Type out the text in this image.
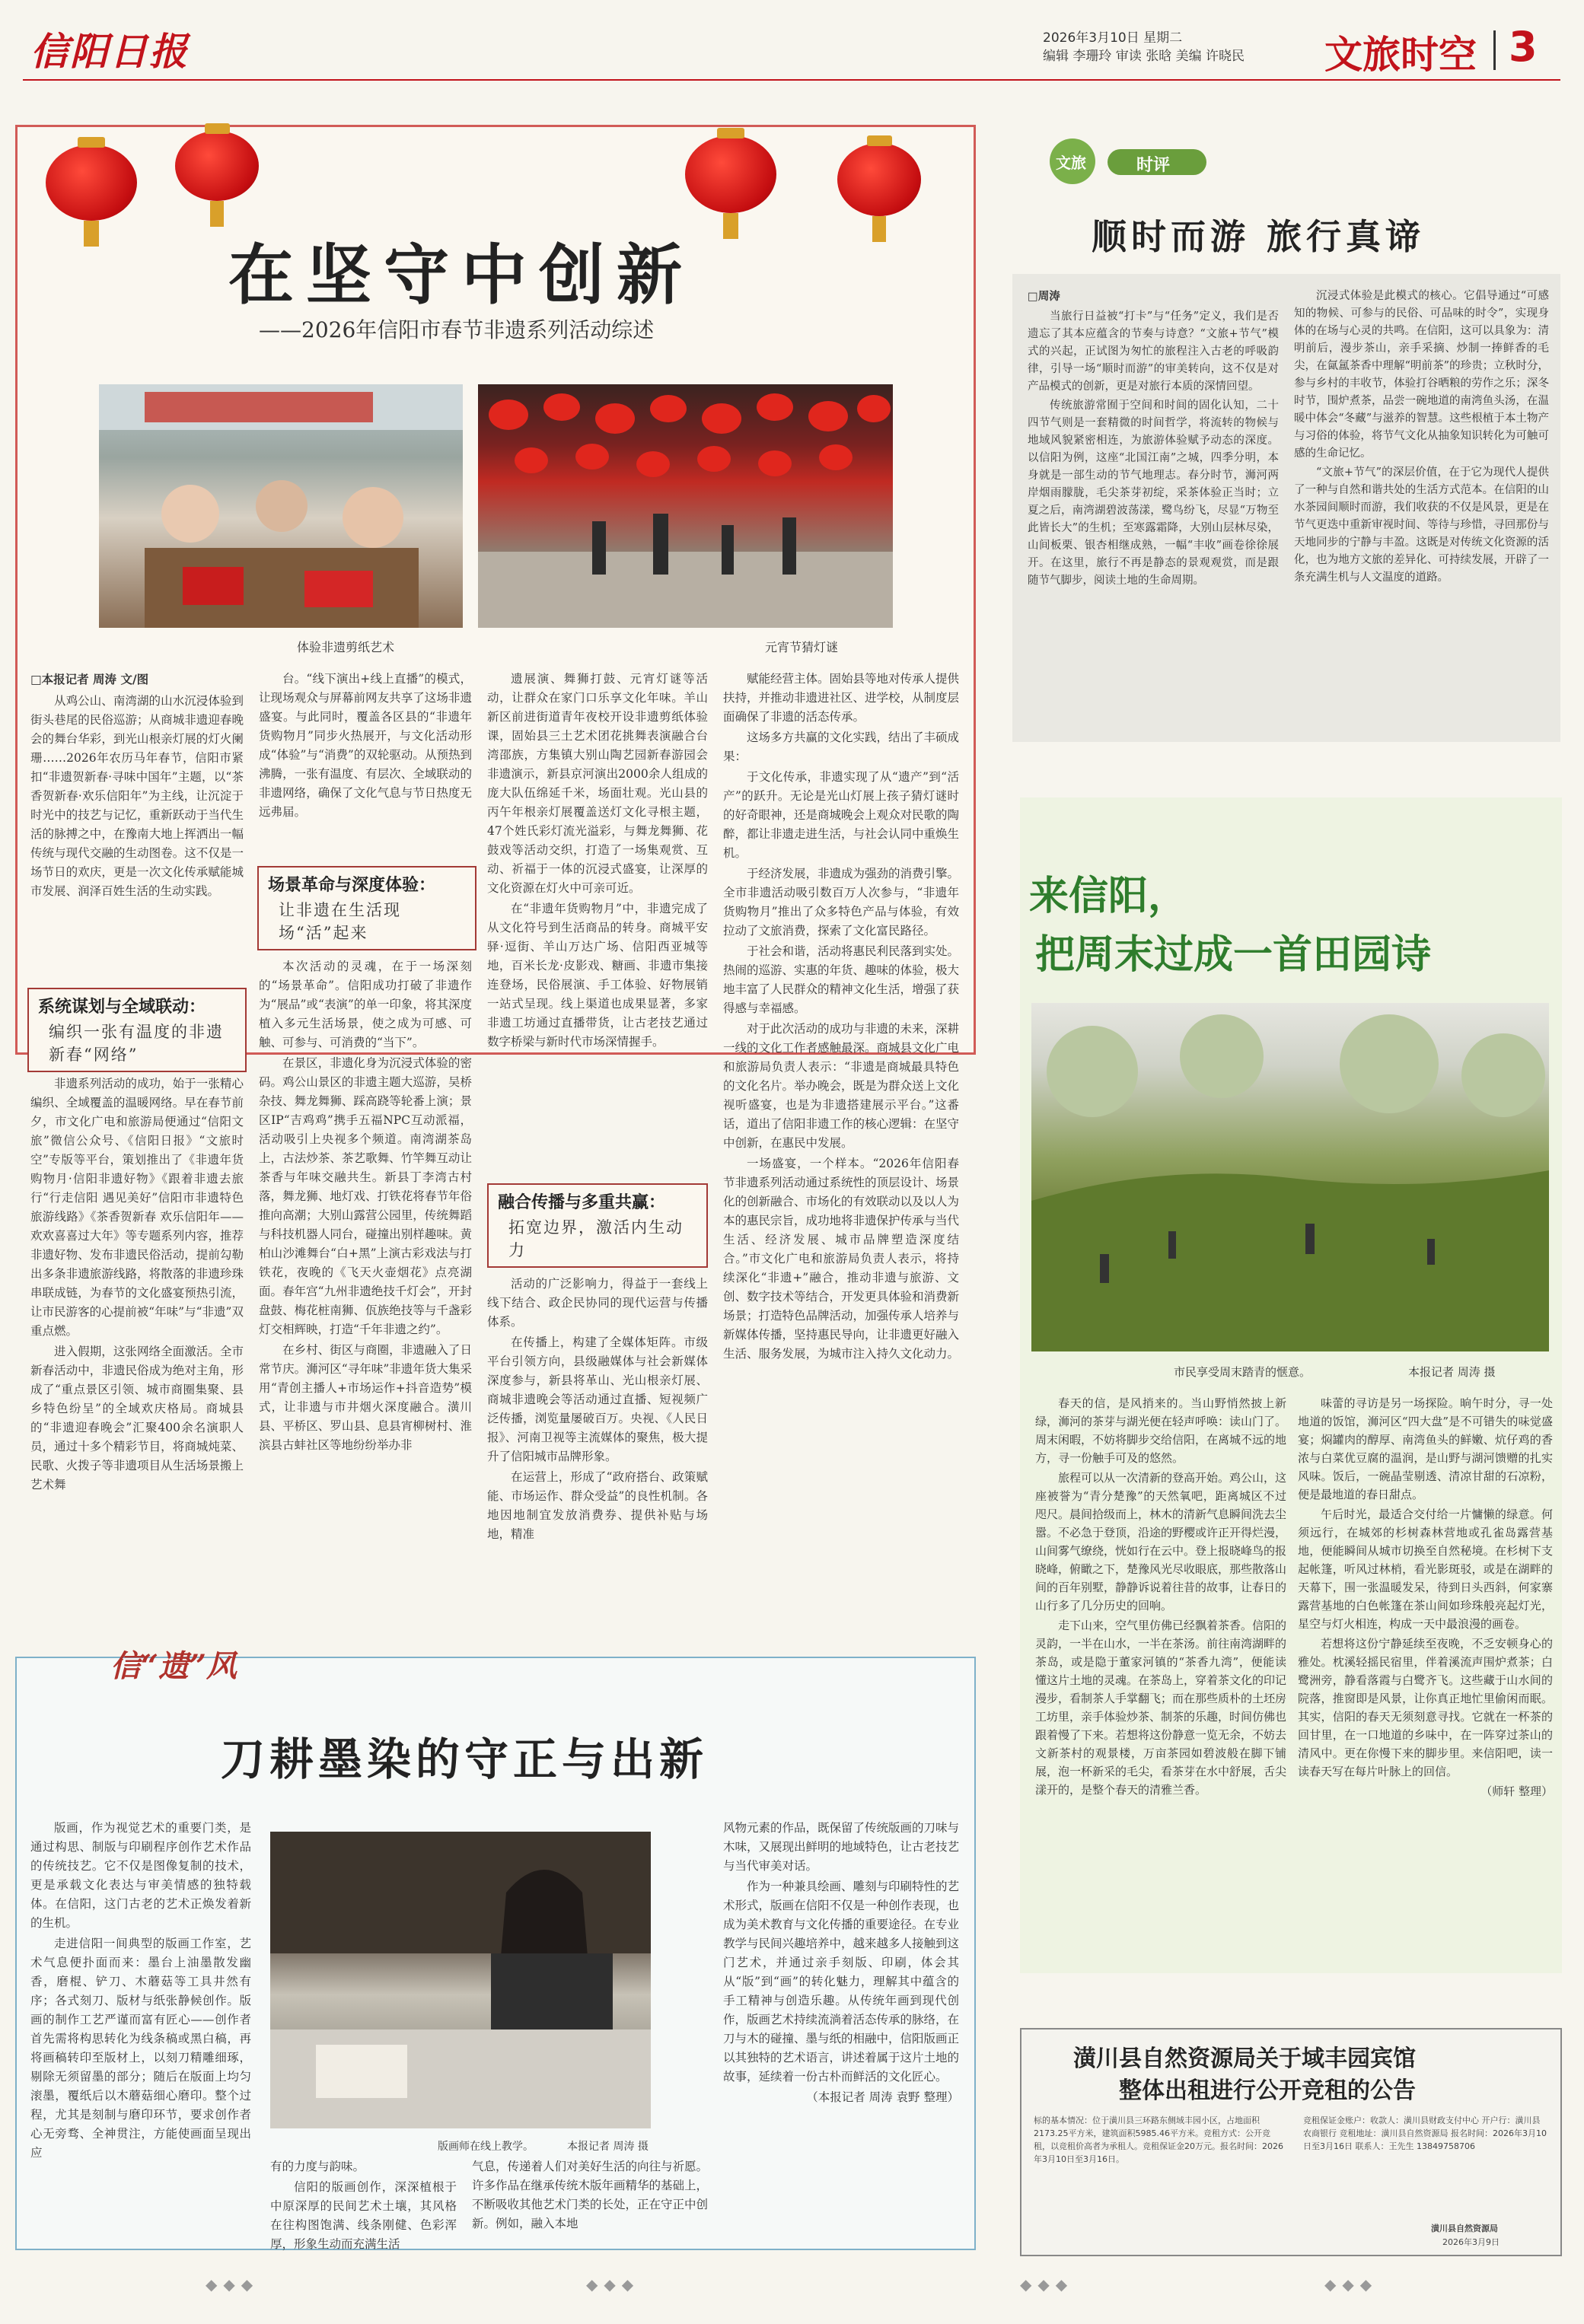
信阳日报	2026年3月10日 星期二
编辑 李珊玲 审读 张晗 美编 许晓民 文旅时空 3
在坚守中创新
——2026年信阳市春节非遗系列活动综述
体验非遗剪纸艺术	元宵节猜灯谜
□本报记者 周涛 文/图

从鸡公山、南湾湖的山水沉浸体验到街头巷尾的民俗巡游；从商城非遗迎春晚会的舞台华彩，到光山根亲灯展的灯火阑珊……2026年农历马年春节，信阳市紧扣“非遗贺新春·寻味中国年”主题，以“茶香贺新春·欢乐信阳年”为主线，让沉淀于时光中的技艺与记忆，重新跃动于当代生活的脉搏之中，在豫南大地上挥洒出一幅传统与现代交融的生动图卷。这不仅是一场节日的欢庆，更是一次文化传承赋能城市发展、润泽百姓生活的生动实践。

系统谋划与全域联动：
编织一张有温度的非遗新春“网络”

非遗系列活动的成功，始于一张精心编织、全域覆盖的温暖网络。早在春节前夕，市文化广电和旅游局便通过“信阳文旅”微信公众号、《信阳日报》“文旅时空”专版等平台，策划推出了《非遗年货购物月·信阳非遗好物》《跟着非遗去旅行“行走信阳 遇见美好”信阳市非遗特色旅游线路》《茶香贺新春 欢乐信阳年——欢欢喜喜过大年》等专题系列内容，推荐非遗好物、发布非遗民俗活动，提前勾勒出多条非遗旅游线路，将散落的非遗珍珠串联成链，为春节的文化盛宴预热引流，让市民游客的心提前被“年味”与“非遗”双重点燃。

进入假期，这张网络全面激活。全市新春活动中，非遗民俗成为绝对主角，形成了“重点景区引领、城市商圈集聚、县乡特色纷呈”的全域欢庆格局。商城县的“非遗迎春晚会”汇聚400余名演职人员，通过十多个精彩节目，将商城炖菜、民歌、火拨子等非遗项目从生活场景搬上艺术舞

台。“线下演出+线上直播”的模式，让现场观众与屏幕前网友共享了这场非遗盛宴。与此同时，覆盖各区县的“非遗年货购物月”同步火热展开，与文化活动形成“体验”与“消费”的双轮驱动。从预热到沸腾，一张有温度、有层次、全域联动的非遗网络，确保了文化气息与节日热度无远弗届。

场景革命与深度体验：
让非遗在生活现场“活”起来

本次活动的灵魂，在于一场深刻的“场景革命”。信阳成功打破了非遗作为“展品”或“表演”的单一印象，将其深度植入多元生活场景，使之成为可感、可触、可参与、可消费的“当下”。

在景区，非遗化身为沉浸式体验的密码。鸡公山景区的非遗主题大巡游，吴桥杂技、舞龙舞狮、踩高跷等轮番上演；景区IP“吉鸡鸡”携手五福NPC互动派福，活动吸引上央视多个频道。南湾湖茶岛上，古法炒茶、茶艺歌舞、竹竿舞互动让茶香与年味交融共生。新县丁李湾古村落，舞龙狮、地灯戏、打铁花将春节年俗推向高潮；大别山露营公园里，传统舞蹈与科技机器人同台，碰撞出别样趣味。黄柏山沙滩舞台“白+黑”上演古彩戏法与打铁花，夜晚的《飞天火壶烟花》点亮湖面。春年宫“九州非遗绝技千灯会”，开封盘鼓、梅花桩南狮、佤族绝技等与千盏彩灯交相辉映，打造“千年非遗之约”。

在乡村、街区与商圈，非遗融入了日常节庆。浉河区“寻年味”非遗年货大集采用“青创主播人+市场运作+抖音造势”模式，让非遗与市井烟火深度融合。潢川县、平桥区、罗山县、息县宵柳树村、淮滨县古蚌社区等地纷纷举办非

遗展演、舞狮打鼓、元宵灯谜等活动，让群众在家门口乐享文化年味。羊山新区前进街道青年夜校开设非遗剪纸体验课，固始县三土艺术团花挑舞表演融合台湾邵族，方集镇大别山陶艺园新春游园会非遗演示，新县京河演出2000余人组成的庞大队伍绵延千米，场面壮观。光山县的丙午年根亲灯展覆盖送灯文化寻根主题，47个姓氏彩灯流光溢彩，与舞龙舞狮、花鼓戏等活动交织，打造了一场集观赏、互动、祈福于一体的沉浸式盛宴，让深厚的文化资源在灯火中可亲可近。

在“非遗年货购物月”中，非遗完成了从文化符号到生活商品的转身。商城平安驿·逗街、羊山万达广场、信阳西亚城等地，百米长龙·皮影戏、糖画、非遗市集接连登场，民俗展演、手工体验、好物展销一站式呈现。线上渠道也成果显著，多家非遗工坊通过直播带货，让古老技艺通过数字桥梁与新时代市场深情握手。

融合传播与多重共赢：
拓宽边界，激活内生动力

活动的广泛影响力，得益于一套线上线下结合、政企民协同的现代运营与传播体系。

在传播上，构建了全媒体矩阵。市级平台引领方向，县级融媒体与社会新媒体深度参与，新县将革山、光山根亲灯展、商城非遗晚会等活动通过直播、短视频广泛传播，浏览量屡破百万。央视、《人民日报》、河南卫视等主流媒体的聚焦，极大提升了信阳城市品牌形象。

在运营上，形成了“政府搭台、政策赋能、市场运作、群众受益”的良性机制。各地因地制宜发放消费券、提供补贴与场地，精准

赋能经营主体。固始县等地对传承人提供扶持，并推动非遗进社区、进学校，从制度层面确保了非遗的活态传承。

这场多方共赢的文化实践，结出了丰硕成果：

于文化传承，非遗实现了从“遗产”到“活产”的跃升。无论是光山灯展上孩子猜灯谜时的好奇眼神，还是商城晚会上观众对民歌的陶醉，都让非遗走进生活，与社会认同中重焕生机。

于经济发展，非遗成为强劲的消费引擎。全市非遗活动吸引数百万人次参与，“非遗年货购物月”推出了众多特色产品与体验，有效拉动了文旅消费，探索了文化富民路径。

于社会和谐，活动将惠民利民落到实处。热闹的巡游、实惠的年货、趣味的体验，极大地丰富了人民群众的精神文化生活，增强了获得感与幸福感。

对于此次活动的成功与非遗的未来，深耕一线的文化工作者感触最深。商城县文化广电和旅游局负责人表示：“非遗是商城最具特色的文化名片。举办晚会，既是为群众送上文化视听盛宴，也是为非遗搭建展示平台。”这番话，道出了信阳非遗工作的核心逻辑：在坚守中创新，在惠民中发展。

一场盛宴，一个样本。“2026年信阳春节非遗系列活动通过系统性的顶层设计、场景化的创新融合、市场化的有效联动以及以人为本的惠民宗旨，成功地将非遗保护传承与当代生活、经济发展、城市品牌塑造深度结合。”市文化广电和旅游局负责人表示，将持续深化“非遗+”融合，推动非遗与旅游、文创、数字技术等结合，开发更具体验和消费新场景；打造特色品牌活动，加强传承人培养与新媒体传播，坚持惠民导向，让非遗更好融入生活、服务发展，为城市注入持久文化动力。

文旅	时评
顺时而游 旅行真谛
□周涛

当旅行日益被“打卡”与“任务”定义，我们是否遗忘了其本应蕴含的节奏与诗意？“文旅+节气”模式的兴起，正试图为匆忙的旅程注入古老的呼吸韵律，引导一场“顺时而游”的审美转向，这不仅是对产品模式的创新，更是对旅行本质的深情回望。

传统旅游常囿于空间和时间的固化认知，二十四节气则是一套精微的时间哲学，将流转的物候与地域风貌紧密相连，为旅游体验赋予动态的深度。以信阳为例，这座“北国江南”之城，四季分明，本身就是一部生动的节气地理志。春分时节，浉河两岸烟雨朦胧，毛尖茶芽初绽，采茶体验正当时；立夏之后，南湾湖碧波荡漾，鹭鸟纷飞，尽显“万物至此皆长大”的生机；至寒露霜降，大别山层林尽染，山间板栗、银杏相继成熟，一幅“丰收”画卷徐徐展开。在这里，旅行不再是静态的景观观赏，而是跟随节气脚步，阅读土地的生命周期。

沉浸式体验是此模式的核心。它倡导通过“可感知的物候、可参与的民俗、可品味的时令”，实现身体的在场与心灵的共鸣。在信阳，这可以具象为：清明前后，漫步茶山，亲手采摘、炒制一捧鲜香的毛尖，在氤氲茶香中理解“明前茶”的珍贵；立秋时分，参与乡村的丰收节，体验打谷晒粮的劳作之乐；深冬时节，围炉煮茶，品尝一碗地道的南湾鱼头汤，在温暖中体会“冬藏”与滋养的智慧。这些根植于本土物产与习俗的体验，将节气文化从抽象知识转化为可触可感的生命记忆。

“文旅+节气”的深层价值，在于它为现代人提供了一种与自然和谐共处的生活方式范本。在信阳的山水茶园间顺时而游，我们收获的不仅是风景，更是在节气更迭中重新审视时间、等待与珍惜，寻回那份与天地同步的宁静与丰盈。这既是对传统文化资源的活化，也为地方文旅的差异化、可持续发展，开辟了一条充满生机与人文温度的道路。

来信阳，
把周末过成一首田园诗
市民享受周末踏青的惬意。	本报记者 周涛 摄

春天的信，是风捎来的。当山野悄然披上新绿，浉河的茶芽与湖光便在轻声呼唤：读山门了。周末闲暇，不妨将脚步交给信阳，在离城不远的地方，寻一份触手可及的悠然。

旅程可以从一次清新的登高开始。鸡公山，这座被誉为“青分楚豫”的天然氧吧，距离城区不过咫尺。晨间拾级而上，林木的清新气息瞬间洗去尘嚣。不必急于登顶，沿途的野樱或许正开得烂漫，山间雾气缭绕，恍如行在云中。登上报晓峰鸟的报晓峰，俯瞰之下，楚豫风光尽收眼底，那些散落山间的百年别墅，静静诉说着往昔的故事，让春日的山行多了几分历史的回响。

走下山来，空气里仿佛已经飘着茶香。信阳的灵韵，一半在山水，一半在茶汤。前往南湾湖畔的茶岛，或是隐于董家河镇的“茶香九湾”，便能读懂这片土地的灵魂。在茶岛上，穿着茶文化的印记漫步，看制茶人手掌翻飞；而在那些质朴的土坯房工坊里，亲手体验炒茶、制茶的乐趣，时间仿佛也跟着慢了下来。若想将这份静意一览无余，不妨去文新茶村的观景楼，万亩茶园如碧波般在脚下铺展，泡一杯新采的毛尖，看茶芽在水中舒展，舌尖漾开的，是整个春天的清雅兰香。

味蕾的寻访是另一场探险。晌午时分，寻一处地道的饭馆，浉河区“四大盘”是不可错失的味觉盛宴；焖罐肉的醇厚、南湾鱼头的鲜嫩、炕仔鸡的香浓与白菜优豆腐的温润，是山野与湖河馈赠的扎实风味。饭后，一碗晶莹剔透、清凉甘甜的石凉粉，便是最地道的春日甜点。

午后时光，最适合交付给一片慵懒的绿意。何须远行，在城郊的杉树森林营地或孔雀岛露营基地，便能瞬间从城市切换至自然秘境。在杉树下支起帐篷，听风过林梢，看光影斑驳，或是在湖畔的天幕下，围一张温暖发呆，待到日头西斜，何家寨露营基地的白色帐篷在茶山间如珍珠般亮起灯光，星空与灯火相连，构成一天中最浪漫的画卷。

若想将这份宁静延续至夜晚，不乏安顿身心的雅处。枕溪轻摇民宿里，伴着溪流声围炉煮茶；白鹭洲旁，静看落霞与白鹭齐飞。这些藏于山水间的院落，推窗即是风景，让你真正地忙里偷闲而眠。其实，信阳的春天无须刻意寻找。它就在一杯茶的回甘里，在一口地道的乡味中，在一阵穿过茶山的清风中。更在你慢下来的脚步里。来信阳吧，读一读春天写在每片叶脉上的回信。

（师轩 整理）
信“遗”风
刀耕墨染的守正与出新

版画，作为视觉艺术的重要门类，是通过构思、制版与印刷程序创作艺术作品的传统技艺。它不仅是图像复制的技术，更是承载文化表达与审美情感的独特载体。在信阳，这门古老的艺术正焕发着新的生机。

走进信阳一间典型的版画工作室，艺术气息便扑面而来：墨台上油墨散发幽香，磨棍、铲刀、木蘑菇等工具井然有序；各式刻刀、版材与纸张静候创作。版画的制作工艺严谨而富有匠心——创作者首先需将构思转化为线条稿或黑白稿，再将画稿转印至版材上，以刻刀精雕细琢，剔除无须留墨的部分；随后在版面上均匀滚墨，覆纸后以木蘑菇细心磨印。整个过程，尤其是刻制与磨印环节，要求创作者心无旁骛、全神贯注，方能使画面呈现出应	版画师在线上教学。	本报记者 周涛 摄

有的力度与韵味。

信阳的版画创作，深深植根于中原深厚的民间艺术土壤，其风格在往构图饱满、线条刚健、色彩浑厚，形象生动而充满生活

气息，传递着人们对美好生活的向往与祈愿。许多作品在继承传统木版年画精华的基础上，不断吸收其他艺术门类的长处，正在守正中创新。例如，融入本地

风物元素的作品，既保留了传统版画的刀味与木味，又展现出鲜明的地域特色，让古老技艺与当代审美对话。

作为一种兼具绘画、雕刻与印刷特性的艺术形式，版画在信阳不仅是一种创作表现，也成为美术教育与文化传播的重要途径。在专业教学与民间兴趣培养中，越来越多人接触到这门艺术，并通过亲手刻版、印刷，体会其从“版”到“画”的转化魅力，理解其中蕴含的手工精神与创造乐趣。从传统年画到现代创作，版画艺术持续流淌着活态传承的脉络，在刀与木的碰撞、墨与纸的相融中，信阳版画正以其独特的艺术语言，讲述着属于这片土地的故事，延续着一份古朴而鲜活的文化匠心。

（本报记者 周涛 袁野 整理）
潢川县自然资源局关于域丰园宾馆
整体出租进行公开竞租的公告
标的基本情况：位于潢川县三环路东侧域丰园小区，占地面积2173.25平方米，建筑面积5985.46平方米。竞租方式：公开竞租，以竞租价高者为承租人。竞租保证金20万元。报名时间：2026年3月10日至3月16日。
竞租保证金账户：收款人：潢川县财政支付中心 开户行：潢川县农商银行 竞租地址：潢川县自然资源局 报名时间：2026年3月10日至3月16日 联系人：王先生 13849758706
潢川县自然资源局
2026年3月9日
◆◆◆	◆◆◆	◆◆◆	◆◆◆
